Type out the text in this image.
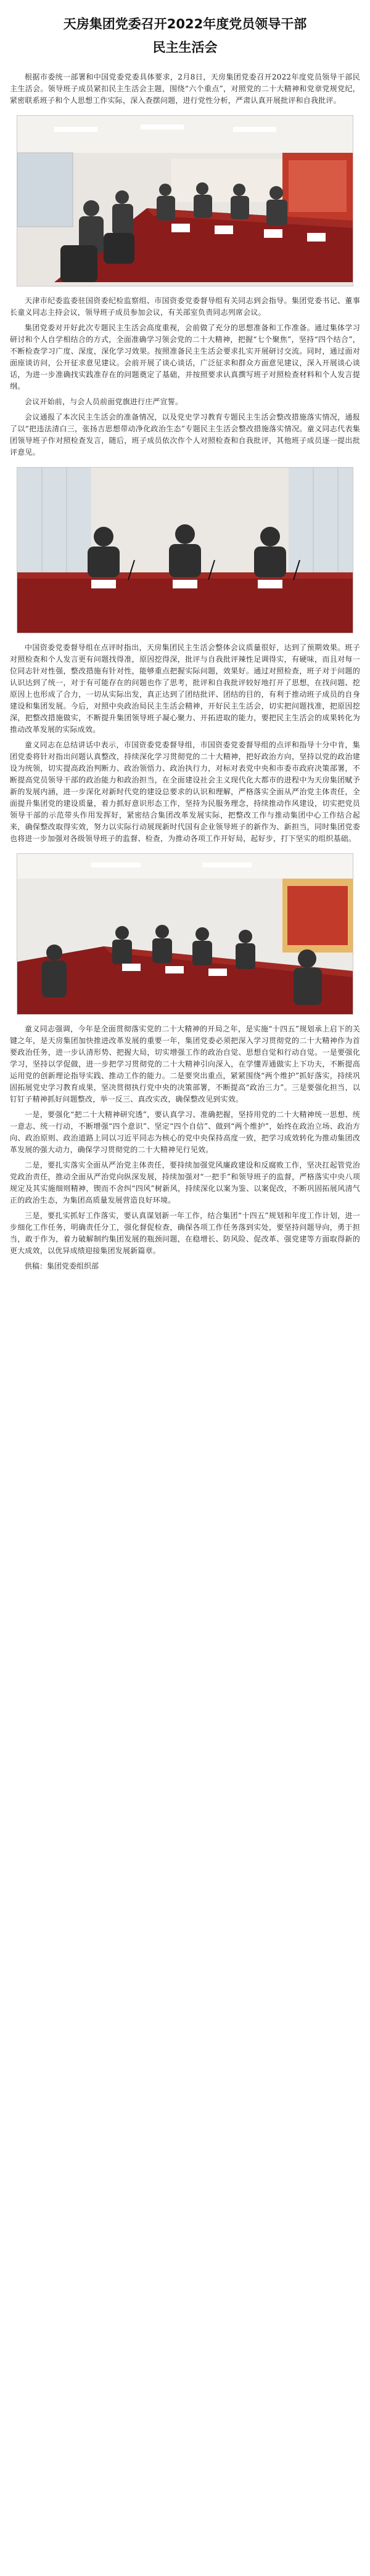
天房集团党委召开2022年度党员领导干部
民主生活会

根据市委统一部署和中国党委党委具体要求，2月8日，天房集团党委召开2022年度党员领导干部民主生活会。领导班子成员紧扣民主生活会主题，围绕“六个重点”，对照党的二十大精神和党章党规党纪，紧密联系班子和个人思想工作实际，深入查摆问题，进行党性分析，严肃认真开展批评和自我批评。

天津市纪委监委驻国资委纪检监察组、市国资委党委督导组有关同志到会指导。集团党委书记、董事长童义同志主持会议，领导班子成员参加会议，有关部室负责同志列席会议。

集团党委对开好此次专题民主生活会高度重视，会前做了充分的思想准备和工作准备。通过集体学习研讨和个人自学相结合的方式，全面准确学习领会党的二十大精神，把握“七个聚焦”，坚持“四个结合”，不断检查学习广度、深度，深化学习效果。按照准备民主生活会要求扎实开展研讨交流。同时，通过面对面座谈访问，公开征求意见建议。会前开展了谈心谈话，广泛征求和群众方面意见建议，深入开展谈心谈话，为进一步准确找实践准存在的问题奠定了基础，并按照要求认真撰写班子对照检查材料和个人发言提纲。

会议开始前，与会人员前面党旗进行庄严宣誓。

会议通报了本次民主生活会的准备情况，以及党史学习教育专题民主生活会整改措施落实情况，通报了以“把违法清白三，张扬吉思想带动净化政治生态”专题民主生活会整改措施落实情况。童义同志代表集团领导班子作对照检查发言，随后，班子成员依次作个人对照检查和自我批评，其他班子成员逐一提出批评意见。

中国资委党委督导组在点评时指出，天房集团民主生活会整体会议质量很好，达到了预期效果。班子对照检查和个人发言更有问题找得准，原因挖得深，批评与自我批评辣性足调得实，有硬味，而且对每一位同志针对性强，整改措施有针对性，能够重点把握实际问题，效果好。通过对照检查，班子对于问题的认识达到了统一，对于有可能存在的问题也作了思考，批评和自我批评较好地打开了思想，在找问题、挖原因上也形成了合力，一切从实际出发，真正达到了团结批评、团结的目的，有利于推动班子成员的自身建设和集团发展。今后，对照中央政治局民主生活会精神，开好民主生活会，切实把问题找准，把原因挖深，把整改措施做实，不断提升集团领导班子凝心聚力、开拓进取的能力，要把民主生活会的成果转化为推动改革发展的实际成效。

童义同志在总结讲话中表示，市国资委党委督导组，市国资委党委督导组的点评和指导十分中肯，集团党委将针对指出问题认真整改，持续深化学习贯彻党的二十大精神，把好政治方向，坚持以党的政治建设为统领，切实提高政治判断力、政治领悟力、政治执行力，对标对表党中央和市委市政府决策部署，不断提高党员领导干部的政治能力和政治担当，在全面建设社会主义现代化大都市的进程中为天房集团赋予新的发展内涵，进一步深化对新时代党的建设总要求的认识和理解，严格落实全面从严治党主体责任，全面提升集团党的建设质量，着力抓好意识形态工作，坚持为民服务理念，持续推动作风建设，切实把党员领导干部的示范带头作用发挥好，紧密结合集团改革发展实际，把整改工作与推动集团中心工作结合起来，确保整改取得实效，努力以实际行动展现新时代国有企业领导班子的新作为、新担当，同时集团党委也将进一步加强对各级领导班子的监督、检查，为推动各项工作开好局，起好步，打下坚实的组织基础。

童义同志强调，今年是全面贯彻落实党的二十大精神的开局之年，是实施“十四五”规划承上启下的关键之年，是天房集团加快推进改革发展的重要一年，集团党委必须把深入学习贯彻党的二十大精神作为首要政治任务，进一步认清形势、把握大局，切实增强工作的政治自觉、思想自觉和行动自觉。一是要强化学习，坚持以学促做，进一步把学习贯彻党的二十大精神引向深入，在学懂弄通做实上下功夫，不断提高运用党的创新理论指导实践、推动工作的能力。二是要突出重点，紧紧围绕“两个维护”抓好落实，持续巩固拓展党史学习教育成果，坚决贯彻执行党中央的决策部署，不断提高“政治三力”。三是要强化担当，以钉钉子精神抓好问题整改，举一反三、真改实改，确保整改见到实效。

一是，要强化“把二十大精神研究透”，要认真学习、准确把握，坚持用党的二十大精神统一思想、统一意志、统一行动，不断增强“四个意识”、坚定“四个自信”、做到“两个维护”，始终在政治立场、政治方向、政治原则、政治道路上同以习近平同志为核心的党中央保持高度一致，把学习成效转化为推动集团改革发展的强大动力，确保学习贯彻党的二十大精神见行见效。

二是，要扎实落实全面从严治党主体责任，要持续加强党风廉政建设和反腐败工作，坚决扛起管党治党政治责任，推动全面从严治党向纵深发展，持续加强对“一把手”和领导班子的监督，严格落实中央八项规定及其实施细则精神，锲而不舍纠“四风”树新风，持续深化以案为鉴、以案促改，不断巩固拓展风清气正的政治生态，为集团高质量发展营造良好环境。

三是，要扎实抓好工作落实，要认真谋划新一年工作，结合集团“十四五”规划和年度工作计划，进一步细化工作任务，明确责任分工，强化督促检查，确保各项工作任务落到实处，要坚持问题导向，勇于担当，敢于作为，着力破解制约集团发展的瓶颈问题，在稳增长、防风险、促改革、强党建等方面取得新的更大成效，以优异成绩迎接集团发展新篇章。

供稿：集团党委组织部
